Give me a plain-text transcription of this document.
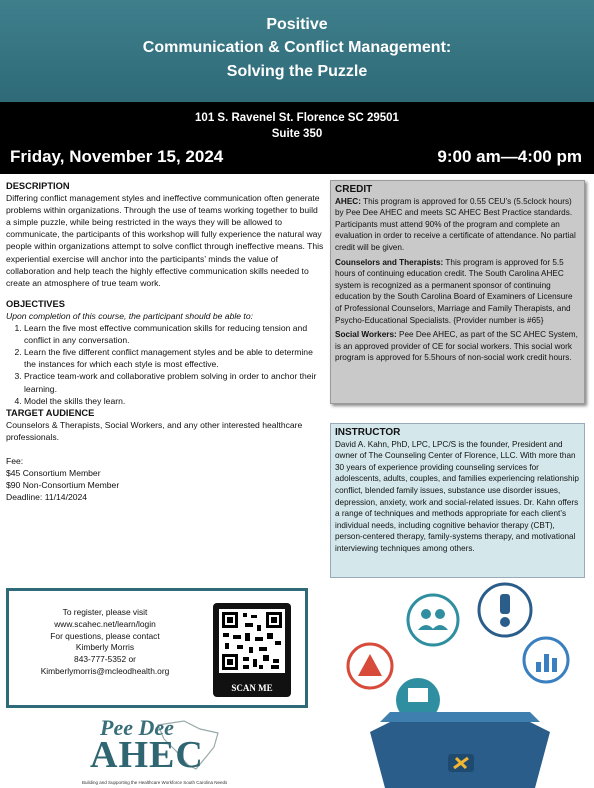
Positive
Communication & Conflict Management:
Solving the Puzzle
101 S. Ravenel St. Florence SC 29501
Suite 350
Friday, November 15, 2024	9:00 am—4:00 pm

DESCRIPTION

Differing conflict management styles and ineffective communication often generate problems within organizations. Through the use of teams working together to build a simple puzzle, while being restricted in the ways they will be allowed to communicate, the participants of this workshop will fully experience the natural way people within organizations attempt to solve conflict through ineffective means. This experiential exercise will anchor into the participants’ minds the value of collaboration and help teach the highly effective communication skills needed to create an atmosphere of true team work.

OBJECTIVES

Upon completion of this course, the participant should be able to:

1. Learn the five most effective communication skills for reducing tension and conflict in any conversation.
2. Learn the five different conflict management styles and be able to determine the instances for which each style is most effective.
3. Practice team-work and collaborative problem solving in order to anchor their learning.
4. Model the skills they learn.

TARGET AUDIENCE

Counselors & Therapists, Social Workers, and any other interested healthcare professionals.

Fee:

$45 Consortium Member

$90 Non-Consortium Member

Deadline: 11/14/2024

CREDIT

AHEC: This program is approved for 0.55 CEU’s (5.5clock hours) by Pee Dee AHEC and meets SC AHEC Best Practice standards. Participants must attend 90% of the program and complete an evaluation in order to receive a certificate of attendance. No partial credit will be given.

Counselors and Therapists: This program is approved for 5.5 hours of continuing education credit. The South Carolina AHEC system is recognized as a permanent sponsor of continuing education by the South Carolina Board of Examiners of Licensure of Professional Counselors, Marriage and Family Therapists, and Psycho-Educational Specialists. {Provider number is #65}

Social Workers: Pee Dee AHEC, as part of the SC AHEC System, is an approved provider of CE for social workers. This social work program is approved for 5.5hours of non-social work credit hours.

INSTRUCTOR
David A. Kahn, PhD, LPC, LPC/S is the founder, President and owner of The Counseling Center of Florence, LLC. With more than 30 years of experience providing counseling services for adolescents, adults, couples, and families experiencing relationship conflict, blended family issues, substance use disorder issues, depression, anxiety, work and social-related issues. Dr. Kahn offers a range of techniques and methods appropriate for each client’s individual needs, including cognitive behavior therapy (CBT), person-centered therapy, family-systems therapy, and motivational interviewing techniques among others.
To register, please visit
www.scahec.net/learn/login
For questions, please contact
Kimberly Morris
843-777-5352 or
Kimberlymorris@mcleodhealth.org
SCAN ME
Pee Dee
AHEC
Building and Supporting the Healthcare Workforce South Carolina Needs
